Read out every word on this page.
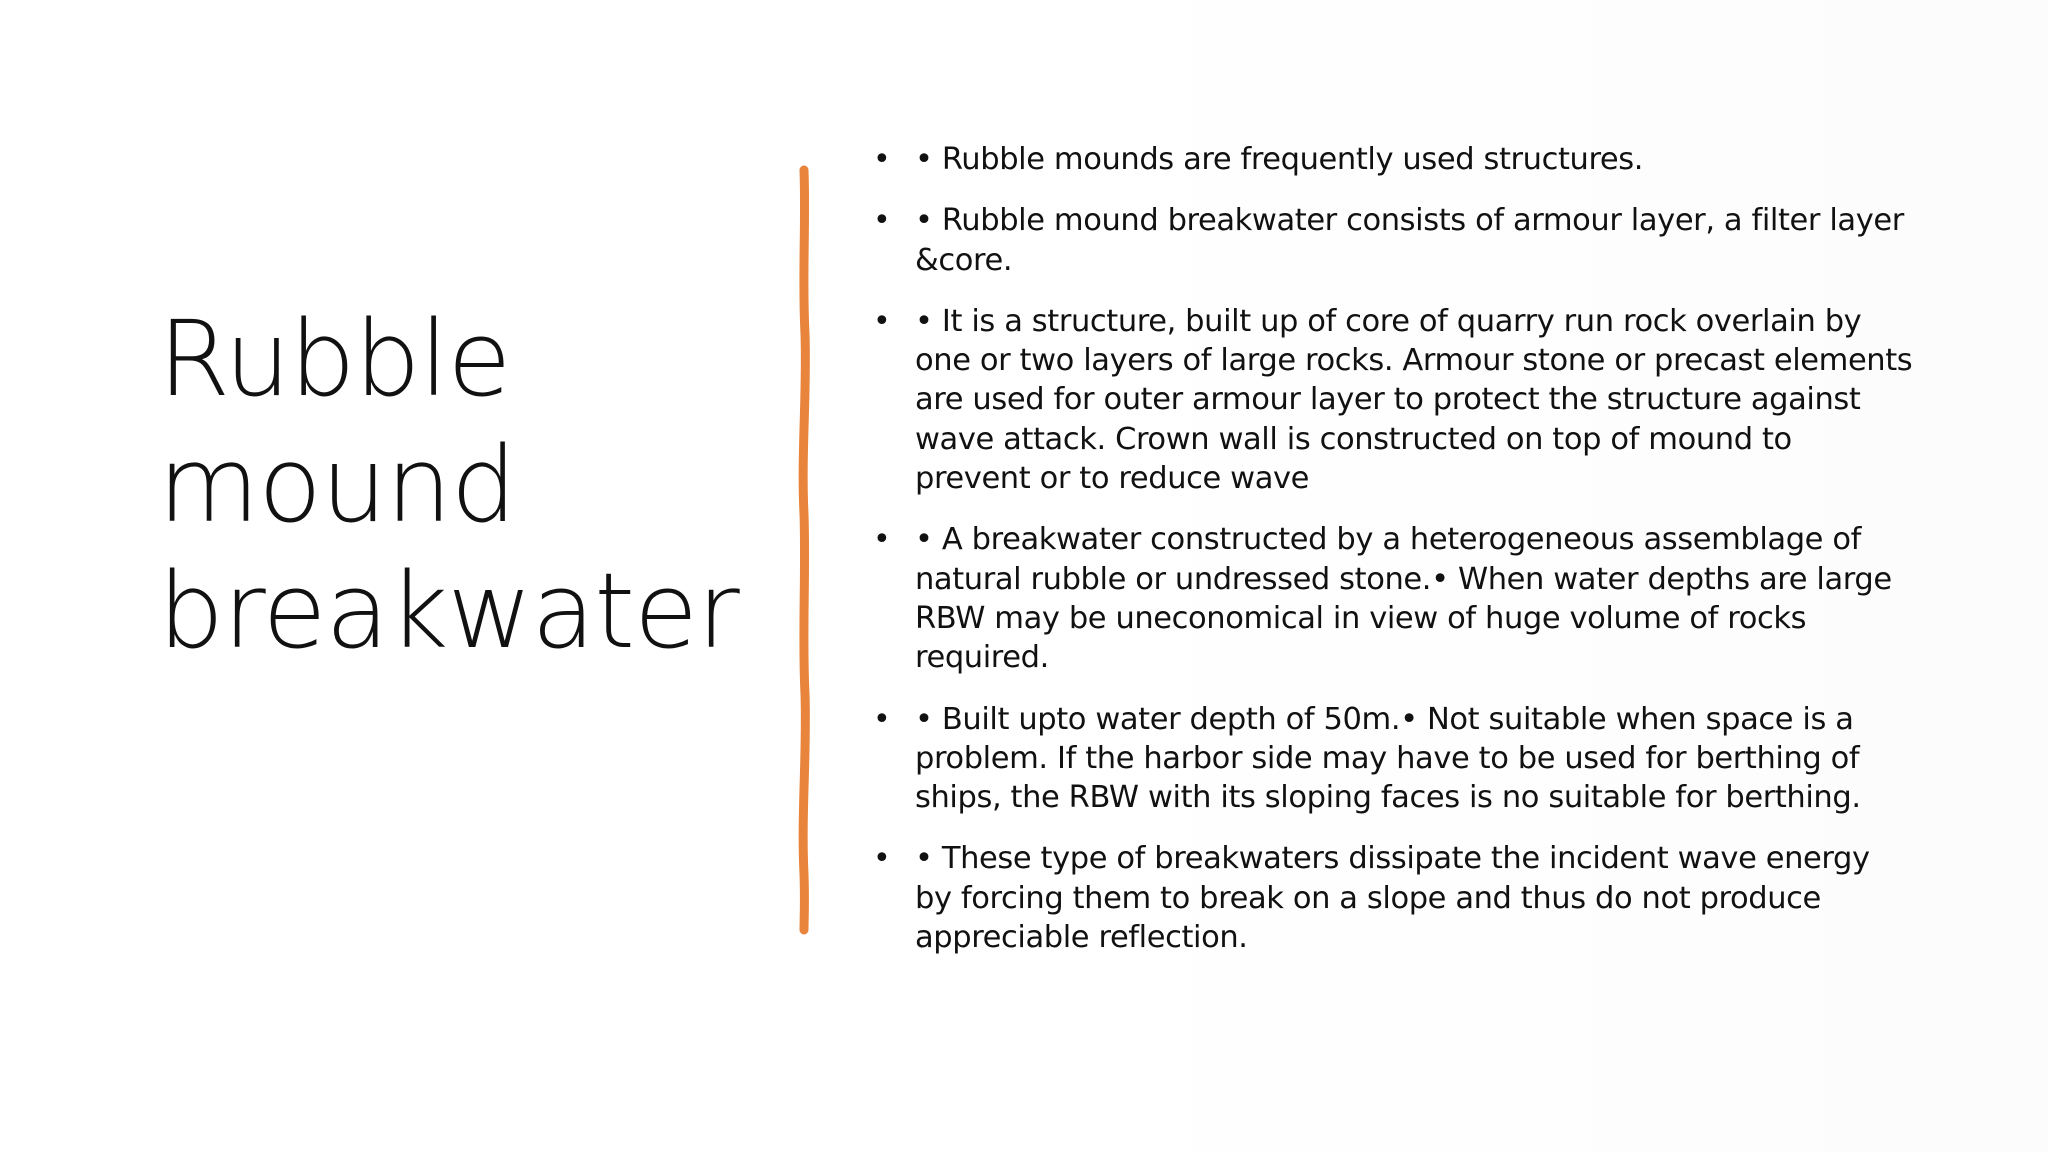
Rubble
mound
breakwater
• • Rubble mounds are frequently used structures.
• • Rubble mound breakwater consists of armour layer, a filter layer &core.
• • It is a structure, built up of core of quarry run rock overlain by one or two layers of large rocks. Armour stone or precast elements are used for outer armour layer to protect the structure against wave attack. Crown wall is constructed on top of mound to prevent or to reduce wave
• • A breakwater constructed by a heterogeneous assemblage of natural rubble or undressed stone.• When water depths are large RBW may be uneconomical in view of huge volume of rocks required.
• • Built upto water depth of 50m.• Not suitable when space is a problem. If the harbor side may have to be used for berthing of ships, the RBW with its sloping faces is no suitable for berthing.
• • These type of breakwaters dissipate the incident wave energy by forcing them to break on a slope and thus do not produce appreciable reflection.
